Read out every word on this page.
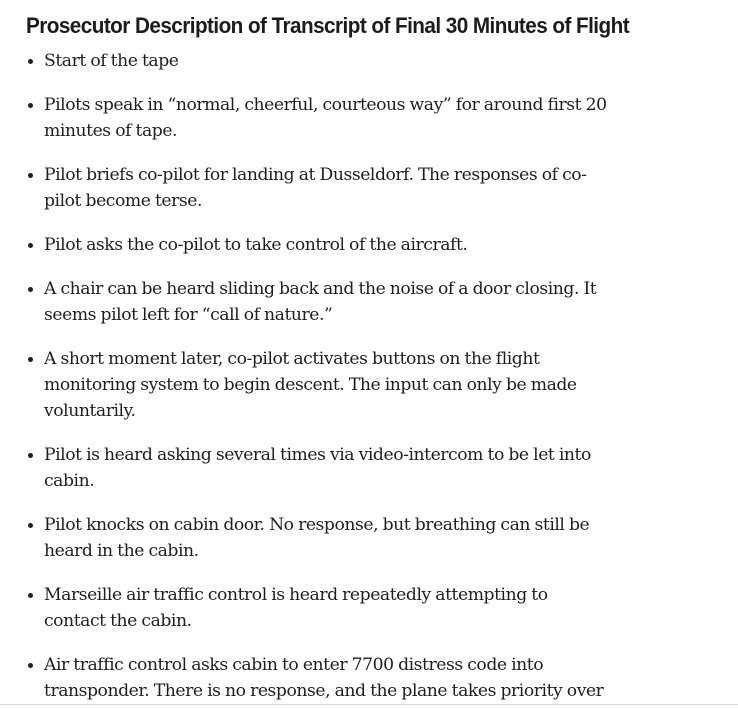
Prosecutor Description of Transcript of Final 30 Minutes of Flight

Start of the tape

Pilots speak in “normal, cheerful, courteous way” for around first 20
minutes of tape.

Pilot briefs co-pilot for landing at Dusseldorf. The responses of co-
pilot become terse.

Pilot asks the co-pilot to take control of the aircraft.

A chair can be heard sliding back and the noise of a door closing. It
seems pilot left for “call of nature.”

A short moment later, co-pilot activates buttons on the flight
monitoring system to begin descent. The input can only be made
voluntarily.

Pilot is heard asking several times via video-intercom to be let into
cabin.

Pilot knocks on cabin door. No response, but breathing can still be
heard in the cabin.

Marseille air traffic control is heard repeatedly attempting to
contact the cabin.

Air traffic control asks cabin to enter 7700 distress code into
transponder. There is no response, and the plane takes priority over
